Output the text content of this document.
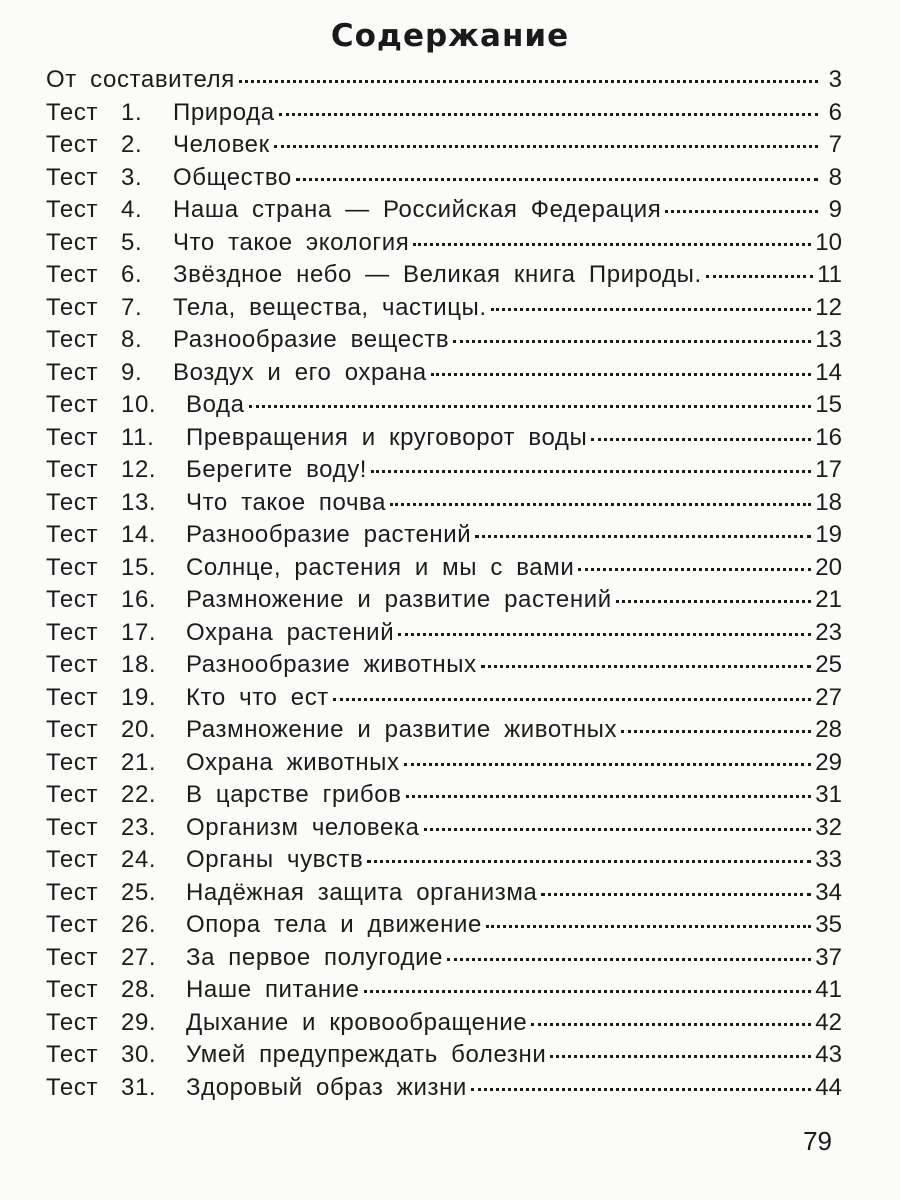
Содержание
От составителя	3
Тест 1. Природа	6
Тест 2. Человек	7
Тест 3. Общество	8
Тест 4. Наша страна — Российская Федерация	9
Тест 5. Что такое экология	10
Тест 6. Звёздное небо — Великая книга Природы.	11
Тест 7. Тела, вещества, частицы.	12
Тест 8. Разнообразие веществ	13
Тест 9. Воздух и его охрана	14
Тест 10. Вода	15
Тест 11. Превращения и круговорот воды	16
Тест 12. Берегите воду!	17
Тест 13. Что такое почва	18
Тест 14. Разнообразие растений	19
Тест 15. Солнце, растения и мы с вами	20
Тест 16. Размножение и развитие растений	21
Тест 17. Охрана растений	23
Тест 18. Разнообразие животных	25
Тест 19. Кто что ест	27
Тест 20. Размножение и развитие животных	28
Тест 21. Охрана животных	29
Тест 22. В царстве грибов	31
Тест 23. Организм человека	32
Тест 24. Органы чувств	33
Тест 25. Надёжная защита организма	34
Тест 26. Опора тела и движение	35
Тест 27. За первое полугодие	37
Тест 28. Наше питание	41
Тест 29. Дыхание и кровообращение	42
Тест 30. Умей предупреждать болезни	43
Тест 31. Здоровый образ жизни	44
79
